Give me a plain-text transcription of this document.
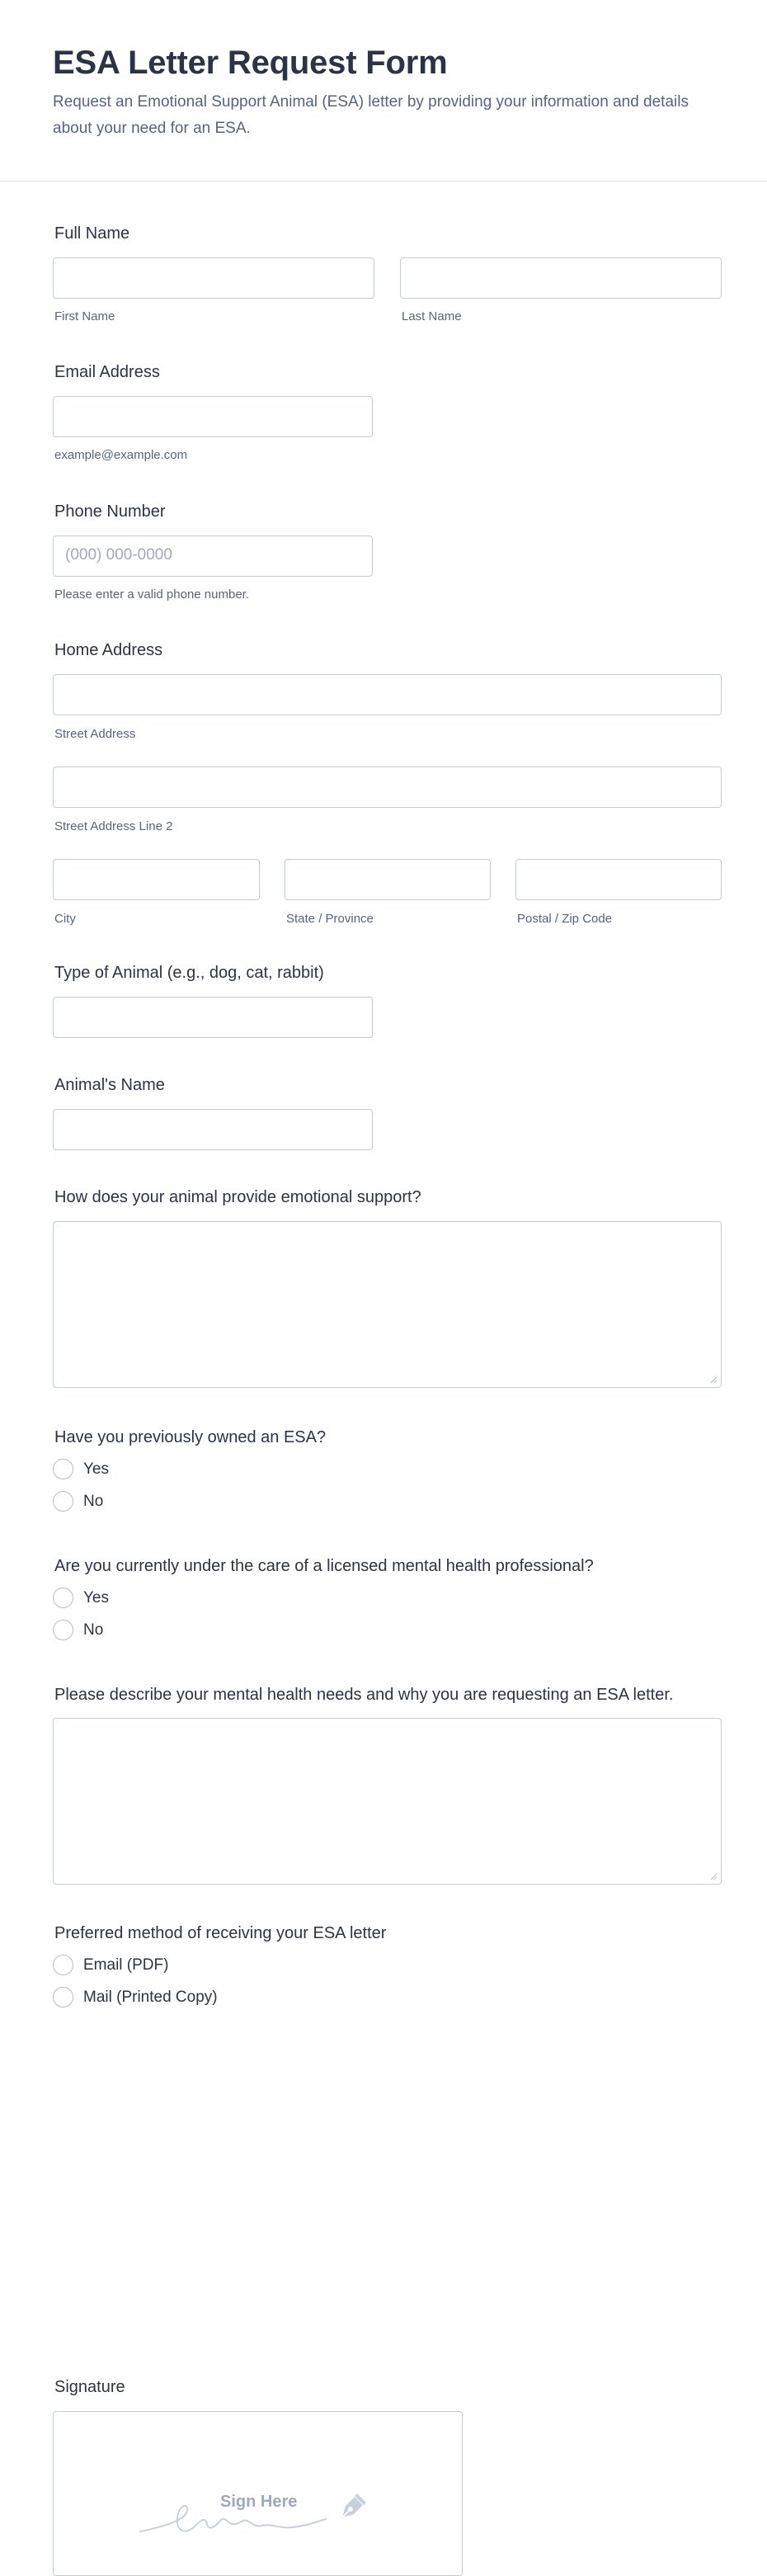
ESA Letter Request Form

Request an Emotional Support Animal (ESA) letter by providing your information and details about your need for an ESA.

Full Name
First Name	Last Name
Email Address
example@example.com
Phone Number
(000) 000-0000
Please enter a valid phone number.
Home Address
Street Address
Street Address Line 2
City	State / Province	Postal / Zip Code
Type of Animal (e.g., dog, cat, rabbit)
Animal's Name
How does your animal provide emotional support?
Have you previously owned an ESA?
Yes
No
Are you currently under the care of a licensed mental health professional?
Yes
No
Please describe your mental health needs and why you are requesting an ESA letter.
Preferred method of receiving your ESA letter
Email (PDF)
Mail (Printed Copy)
Signature
Sign Here
